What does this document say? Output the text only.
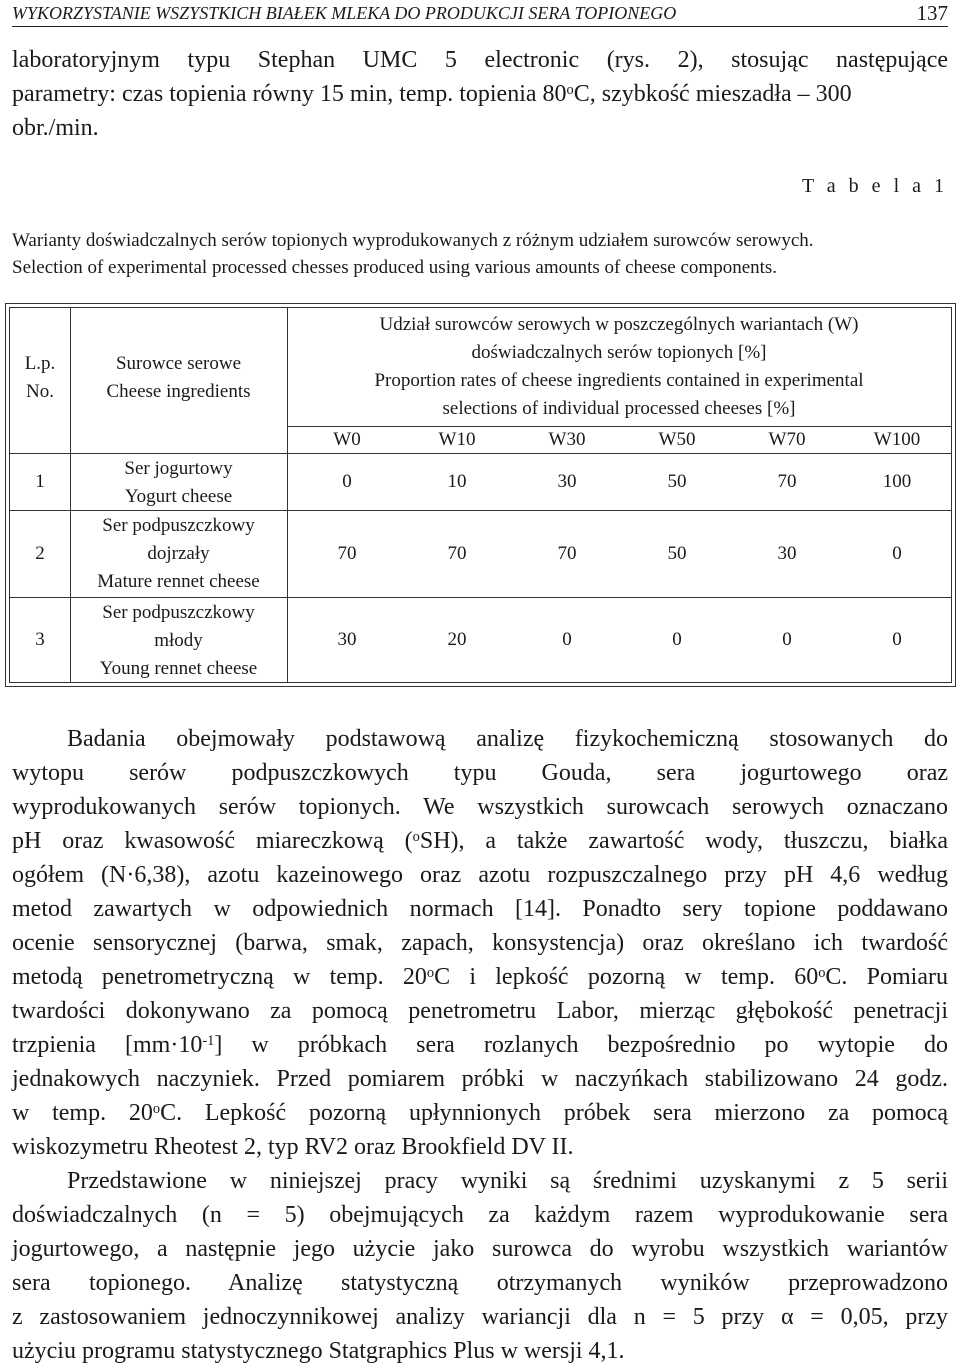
WYKORZYSTANIE WSZYSTKICH BIAŁEK MLEKA DO PRODUKCJI SERA TOPIONEGO	137
laboratoryjnym typu Stephan UMC 5 electronic (rys. 2), stosując następujące
parametry: czas topienia równy 15 min, temp. topienia 80$^o$C, szybkość mieszadła – 300
obr./min.
T a b e l a 1
Warianty doświadczalnych serów topionych wyprodukowanych z różnym udziałem surowców serowych.
Selection of experimental processed chesses produced using various amounts of cheese components.
L.p.
No.
Surowce serowe
Cheese ingredients
Udział surowców serowych w poszczególnych wariantach (W)
doświadczalnych serów topionych [%]
Proportion rates of cheese ingredients contained in experimental
selections of individual processed cheeses [%]
W0	W10	W30	W50	W70	W100
1
Ser jogurtowy
Yogurt cheese
0	10	30	50	70	100
2
Ser podpuszczkowy
dojrzały
Mature rennet cheese
70	70	70	50	30	0
3
Ser podpuszczkowy
młody
Young rennet cheese
30	20	0	0	0	0
Badania obejmowały podstawową analizę fizykochemiczną stosowanych do
wytopu serów podpuszczkowych typu Gouda, sera jogurtowego oraz
wyprodukowanych serów topionych. We wszystkich surowcach serowych oznaczano
pH oraz kwasowość miareczkową ($^o$SH), a także zawartość wody, tłuszczu, białka
ogółem (N·6,38), azotu kazeinowego oraz azotu rozpuszczalnego przy pH 4,6 według
metod zawartych w odpowiednich normach [14]. Ponadto sery topione poddawano
ocenie sensorycznej (barwa, smak, zapach, konsystencja) oraz określano ich twardość
metodą penetrometryczną w temp. 20$^o$C i lepkość pozorną w temp. 60$^o$C. Pomiaru
twardości dokonywano za pomocą penetrometru Labor, mierząc głębokość penetracji
trzpienia $[mm\cdot 10^{-1}]$ w próbkach sera rozlanych bezpośrednio po wytopie do
jednakowych naczyniek. Przed pomiarem próbki w naczyńkach stabilizowano 24 godz.
w temp. 20$^o$C. Lepkość pozorną upłynnionych próbek sera mierzono za pomocą
wiskozymetru Rheotest 2, typ RV2 oraz Brookfield DV II.
Przedstawione w niniejszej pracy wyniki są średnimi uzyskanymi z 5 serii
doświadczalnych (n = 5) obejmujących za każdym razem wyprodukowanie sera
jogurtowego, a następnie jego użycie jako surowca do wyrobu wszystkich wariantów
sera topionego. Analizę statystyczną otrzymanych wyników przeprowadzono
z zastosowaniem jednoczynnikowej analizy wariancji dla n = 5 przy α = 0,05, przy
użyciu programu statystycznego Statgraphics Plus w wersji 4,1.
